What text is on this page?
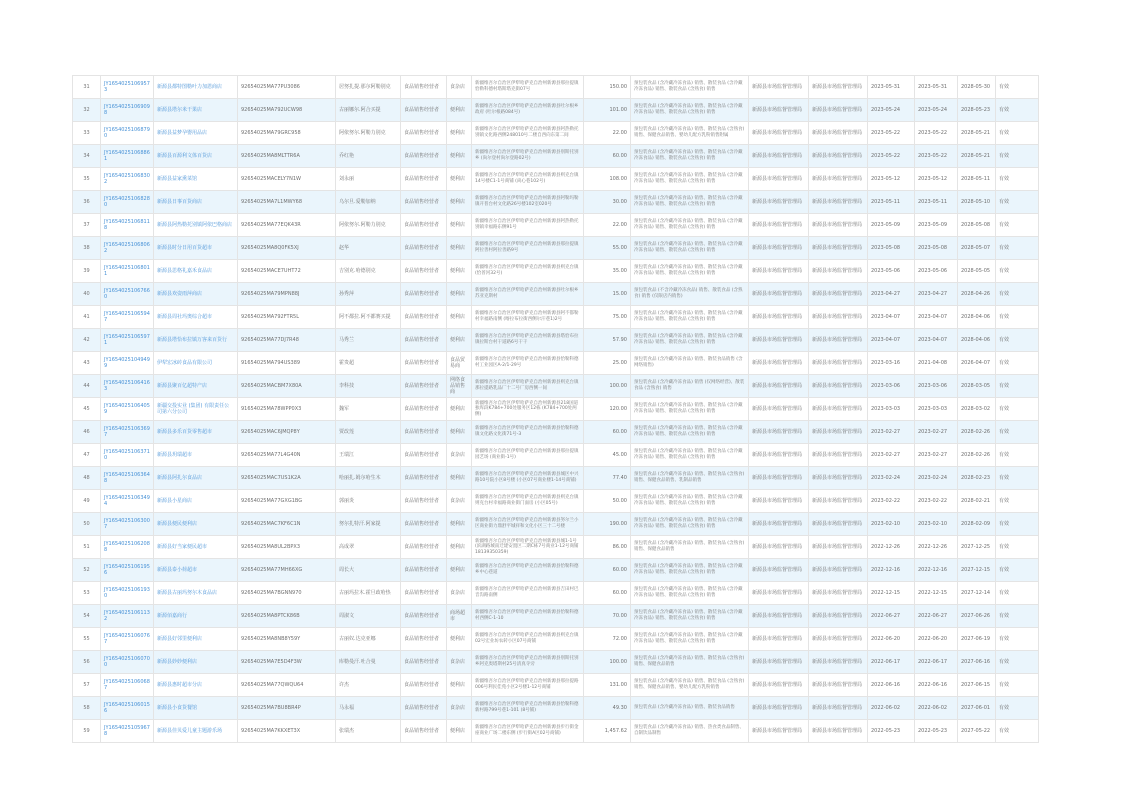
31	JY16540251069573	新源县都特图勒叶力加恩商店	92654025MA77PU3086	居努扎提.那尔阿勒别克	食品销售经营者	食杂店	新疆维吾尔自治区伊犁哈萨克自治州新源县那拉提镇恰勒科德村塔斯塔克街07号	150.00	预包装食品 (含冷藏冷冻食品) 销售、散装食品 (含冷藏冷冻食品) 销售、散装食品 (含熟食) 销售	新源县市场监督管理局	新源县市场监督管理局	2023-05-31	2023-05-31	2028-05-30	有效
32	JY16540251069098	新源县塔尔米干果店	92654025MA792UCW98	古丽娜尔.阿合买提	食品销售经营者	便利店	新疆维吾尔自治区伊犁哈萨克自治州新源县吐尔根乡政府 (吐尔根路084号)	101.00	预包装食品 (含冷藏冷冻食品) 销售、散装食品 (含冷藏冷冻食品) 销售、散装食品 (含熟食) 销售	新源县市场监督管理局	新源县市场监督管理局	2023-05-24	2023-05-24	2028-05-23	有效
33	JY16540251068790	新源县益梦孕婴用品店	92654025MA79GRC958	阿依努尔.阿勒力别克	食品销售经营者	便利店	新疆维吾尔自治区伊犁哈萨克自治州新源县阿热勒托别镇文化路西侧248010号二楼自西向东第二间	22.00	预包装食品 (含冷藏冷冻食品) 销售、散装食品 (含熟食) 销售、保健食品销售、婴幼儿配方乳粉销售附属	新源县市场监督管理局	新源县市场监督管理局	2023-05-22	2023-05-22	2028-05-21	有效
34	JY16540251068861	新源县百源利文体百货店	92654025MA8MLTTR6A	乔红艳	食品销售经营者	便利店	新疆维吾尔自治区伊犁哈萨克自治州新源县别斯托别乡 (尚尔登村尚尔登路02号)	60.00	预包装食品 (含冷藏冷冻食品) 销售、散装食品 (含冷藏冷冻食品) 销售、散装食品 (含熟食) 销售	新源县市场监督管理局	新源县市场监督管理局	2023-05-22	2023-05-22	2028-05-21	有效
35	JY16540251068302	新源县益家熏菜馆	92654025MACELY7N1W	刘永丽	食品销售经营者	便利店	新疆维吾尔自治区伊犁哈萨克自治州新源县则克台镇14号楼C1-1号商铺 (尚心巷102号)	108.00	预包装食品 (含冷藏冷冻食品) 销售、散装食品 (含冷藏冷冻食品) 销售、散装食品 (含熟食) 销售	新源县市场监督管理局	新源县市场监督管理局	2023-05-12	2023-05-12	2028-05-11	有效
36	JY16540251068280	新源县日事百货商店	92654025MA7L1MWY68	乌尔旦.爱勒加纳	食品销售经营者	便利店	新疆维吾尔自治区伊犁哈萨克自治州新源县阿勒玛勒镇开普台村文化路26号楼102室020号	30.00	预包装食品 (含冷藏冷冻食品) 销售、散装食品 (含冷藏冷冻食品) 销售、散装食品 (含熟食) 销售	新源县市场监督管理局	新源县市场监督管理局	2023-05-11	2023-05-11	2028-05-10	有效
37	JY16540251068118	新源县阿热勒托别镇阿依巴格商店	92654025MA77EQK43R	阿依努尔.阿勒力别克	食品销售经营者	便利店	新疆维吾尔自治区伊犁哈萨克自治州新源县阿热勒托别镇幸福路东侧91号	22.00	预包装食品 (含冷藏冷冻食品) 销售、散装食品 (含冷藏冷冻食品) 销售、散装食品 (含熟食) 销售	新源县市场监督管理局	新源县市场监督管理局	2023-05-09	2023-05-09	2028-05-08	有效
38	JY16540251068062	新源县时分日用百货超市	92654025MA8Q0FK5XJ	赵华	食品销售经营者	便利店	新疆维吾尔自治区伊犁哈萨克自治州新源县那拉提镇阿拉善村阿拉善路9号	55.00	预包装食品 (含冷藏冷冻食品) 销售、散装食品 (含冷藏冷冻食品) 销售、散装食品 (含熟食) 销售	新源县市场监督管理局	新源县市场监督管理局	2023-05-08	2023-05-08	2028-05-07	有效
39	JY16540251068011	新源县思格礼嘉禾食品店	92654025MACE7UHT72	吉别克.哈德别克	食品销售经营者	便利店	新疆维吾尔自治区伊犁哈萨克自治州新源县则克台镇 (恰普河32号)	35.00	预包装食品 (含冷藏冷冻食品) 销售、散装食品 (含冷藏冷冻食品) 销售、散装食品 (含熟食) 销售	新源县市场监督管理局	新源县市场监督管理局	2023-05-06	2023-05-06	2028-05-05	有效
40	JY16540251067660	新源县欢姿雨萍商店	92654025MA79MPN88J	孙秀萍	食品销售经营者	便利店	新疆维吾尔自治区伊犁哈萨克自治州新源县吐尔根乡苏亚克斯村	15.00	预包装食品 (不含冷藏冷冻食品) 销售、散装食品 (含熟食) 销售 (仅限店内销售)	新源县市场监督管理局	新源县市场监督管理局	2023-04-27	2023-04-27	2028-04-26	有效
41	JY16540251065947	新源县周社玛奥综合超市	92654025MA792FTR5L	阿不都拉.阿不都赛买提	食品销售经营者	便利店	新疆维吾尔自治区伊犁哈萨克自治州新源县阿不都勒村幸福路南侧 (喀拉布拉街西侧尔汗巷1)2号	75.00	预包装食品 (含冷藏冷冻食品) 销售、散装食品 (含冷藏冷冻食品) 销售、散装食品 (含熟食) 销售	新源县市场监督管理局	新源县市场监督管理局	2023-04-07	2023-04-07	2028-04-06	有效
42	JY16540251065971	新源县塔恰布拉镇万客来百货行	92654025MA77DJ7R48	马秀兰	食品销售经营者	便利店	新疆维吾尔自治区伊犁哈萨克自治州新源县塔恰布拉镇拉斯台村干道路6号干干	57.90	预包装食品 (含冷藏冷冻食品) 销售、散装食品 (含冷藏冷冻食品) 销售、散装食品 (含熟食) 销售	新源县市场监督管理局	新源县市场监督管理局	2023-04-07	2023-04-07	2028-04-06	有效
43	JY16540251049499	伊犁宏冰砖食品有限公司	91654025MA794US389	霍贵超	食品销售经营者	食品贸易商	新疆维吾尔自治区伊犁哈萨克自治州新源县恰勒科德村工业园区A-2/1-29号	25.00	预包装食品 (含冷藏冷冻食品) 销售、散装食品销售 (含网络销售)	新源县市场监督管理局	新源县市场监督管理局	2023-03-16	2021-04-08	2026-04-07	有效
44	JY16540251064163	新源县聚百亿超特产店	92654025MACBM7X80A	李科技	食品销售经营者	网络食品销售商	新疆维吾尔自治区伊犁哈萨克自治州新源县则克台镇那拉提路乳品厂十二号厂房西侧一间	100.00	预包装食品 (含冷藏冷冻食品) 销售 (仅网络经营)、散装食品 (含熟食) 销售	新源县市场监督管理局	新源县市场监督管理局	2023-03-06	2023-03-06	2028-03-05	有效
45	JY16540251064059	新疆交投实业 (集团) 有限责任公司第六分公司	91654025MA78WPP0X3	魏军	食品销售经营者	便利店	新疆维吾尔自治区伊犁哈萨克自治州新源县218国道独库段K784+700处服务区12栋 (K784+700处两侧)	120.00	预包装食品 (含冷藏冷冻食品) 销售、散装食品 (含冷藏冷冻食品) 销售、散装食品 (含熟食) 销售	新源县市场监督管理局	新源县市场监督管理局	2023-03-03	2023-03-03	2028-03-02	有效
46	JY16540251063697	新源县多乐百货零售超市	92654025MAC6JMQP8Y	贾改莲	食品销售经营者	便利店	新疆维吾尔自治区伊犁哈萨克自治州新源县恰勒科德镇文化路文化街71号-3	60.00	预包装食品 (含冷藏冷冻食品) 销售、散装食品 (含冷藏冷冻食品) 销售、散装食品 (含熟食) 销售	新源县市场监督管理局	新源县市场监督管理局	2023-02-27	2023-02-27	2028-02-26	有效
47	JY16540251063710	新源县玥瑞超市	92654025MA77L4G40N	王瑞江	食品销售经营者	食杂店	新疆维吾尔自治区伊犁哈萨克自治州新源县那拉提镇园艺场 (商业街-1号)	45.00	预包装食品 (含冷藏冷冻食品) 销售、散装食品 (含冷藏冷冻食品) 销售、散装食品 (含熟食) 销售	新源县市场监督管理局	新源县市场监督管理局	2023-02-27	2023-02-27	2028-02-26	有效
48	JY16540251063648	新源县阿扎尔食品店	92654025MAC7US1K2A	哈丽扎.姆尔哈生木	食品销售经营者	便利店	新疆维吾尔自治区伊犁哈萨克自治州新源县城区中兴路10号院小区8号楼 (小区07号商业楼1-14号商铺)	77.40	预包装食品 (含冷藏冷冻食品) 销售、散装食品 (含熟食) 销售、保健食品销售、乳制品销售	新源县市场监督管理局	新源县市场监督管理局	2023-02-24	2023-02-24	2028-02-23	有效
49	JY16540251063494	新源县小星商店	92654025MA77GXG1BG	郭丽炎	食品销售经营者	食杂店	新疆维吾尔自治区伊犁哈萨克自治州新源县则克台镇则克台村幸福路商业街门面房 (小区05号)	50.00	预包装食品 (含冷藏冷冻食品) 销售、散装食品 (含冷藏冷冻食品) 销售、散装食品 (含熟食) 销售	新源县市场监督管理局	新源县市场监督管理局	2023-02-22	2023-02-22	2028-02-21	有效
50	JY16540251063007	新源县便民便利店	92654025MAC7KF6C1N	努尔扎特汗.阿家提	食品销售经营者	便利店	新疆维吾尔自治区伊犁哈萨克自治州新源县努尔兰小区商业街力鼎舒平城祥和文化小区三十二号楼	190.00	预包装食品 (含冷藏冷冻食品) 销售、散装食品 (含冷藏冷冻食品) 销售、散装食品 (含熟食) 销售	新源县市场监督管理局	新源县市场监督管理局	2023-02-10	2023-02-10	2028-02-09	有效
51	JY16540251062088	新源县好当家便民超市	92654025MA8UL2BPX3	高成翠	食品销售经营者	便利店	新疆维吾尔自治区伊犁哈萨克自治州新源县城1-1号 (滨湖路城南迁建安置区二期C栋7号商业1-12号商铺 18139350359)	86.00	预包装食品 (含冷藏冷冻食品) 销售、散装食品 (含熟食) 销售、保健食品销售	新源县市场监督管理局	新源县市场监督管理局	2022-12-26	2022-12-26	2027-12-25	有效
52	JY16540251061956	新源县泰小荷超市	92654025MA77MH66XG	周长大	食品销售经营者	便利店	新疆维吾尔自治区伊犁哈萨克自治州新源县恰勒科德乡中心巷道	60.00	预包装食品 (含冷藏冷冻食品) 销售、散装食品 (含冷藏冷冻食品) 销售、散装食品 (含熟食) 销售	新源县市场监督管理局	新源县市场监督管理局	2022-12-16	2022-12-16	2027-12-15	有效
53	JY16540251061930	新源县古丽玛努尔木食品店	92654025MA7BGNN970	古丽玛拉木.霍旦政哈热	食品销售经营者	食杂店	新疆维吾尔自治区伊犁哈萨克自治州新源县吉田村巴音沟路南侧	60.00	预包装食品 (含冷藏冷冻食品) 销售、散装食品 (含冷藏冷冻食品) 销售、散装食品 (含熟食) 销售	新源县市场监督管理局	新源县市场监督管理局	2022-12-15	2022-12-15	2027-12-14	有效
54	JY16540251061132	新源佰嘉商行	92654025MA8PTCK86B	周淑文	食品销售经营者	商场超市	新疆维吾尔自治区伊犁哈萨克自治州新源县恰勒科德村西侧C-1-10	70.00	预包装食品 (含冷藏冷冻食品) 销售、散装食品 (含冷藏冷冻食品) 销售、散装食品 (含熟食) 销售	新源县市场监督管理局	新源县市场监督管理局	2022-06-27	2022-06-27	2027-06-26	有效
55	JY16540251060767	新源县好邻里便利店	92654025MA8NB8Y59Y	古丽奴.达克亚娜	食品销售经营者	便利店	新疆维吾尔自治区伊犁哈萨克自治州新源县则克台镇02号宏业坊农转小区07号商铺	72.00	预包装食品 (含冷藏冷冻食品) 销售、散装食品 (含冷藏冷冻食品) 销售、散装食品 (含熟食) 销售	新源县市场监督管理局	新源县市场监督管理局	2022-06-20	2022-06-20	2027-06-19	有效
56	JY16540251060700	新源县妙妙便利店	92654025MA7E5D4F3W	库勒曼汗.吐合曼	食品销售经营者	食杂店	新疆维吾尔自治区伊犁哈萨克自治州新源县别斯托别乡阿克奥塔斯村25号清真寺旁	100.00	预包装食品 (含冷藏冷冻食品) 销售、散装食品 (含熟食) 销售、保健食品销售	新源县市场监督管理局	新源县市场监督管理局	2022-06-17	2022-06-17	2027-06-16	有效
57	JY16540251060687	新源县惠时超市分店	92654025MA77QWQU64	许杰	食品销售经营者	便利店	新疆维吾尔自治区伊犁哈萨克自治州新源县那拉提路006号利民佳苑小区2号楼1-12号商铺	131.00	预包装食品 (含冷藏冷冻食品) 销售、散装食品 (含熟食) 销售、保健食品销售、婴幼儿配方乳粉销售	新源县市场监督管理局	新源县市场监督管理局	2022-06-16	2022-06-16	2027-06-15	有效
58	JY16540251060156	新源县小食货餐馆	92654025MA7BU8BR4P	马永福	食品销售经营者	食杂店	新疆维吾尔自治区伊犁哈萨克自治州新源县恰勒科德新村路799号巷1-101 (8号铺)	49.30	预包装食品 (含冷藏冷冻食品) 销售、散装食品销售	新源县市场监督管理局	新源县市场监督管理局	2022-06-02	2022-06-02	2027-06-01	有效
59	JY16540251059678	新源县佳贝爱儿童主题游乐场	92654025MA7KKXET3X	张瑞杰	食品销售经营者	便利店	新疆维吾尔自治区伊犁哈萨克自治州新源县步行街金座商业广场二楼东侧 (步行街A区02号商铺)	1,457.62	预包装食品 (含冷藏冷冻食品) 销售、热食类食品制售、自制饮品制售	新源县市场监督管理局	新源县市场监督管理局	2022-05-23	2022-05-23	2027-05-22	有效
